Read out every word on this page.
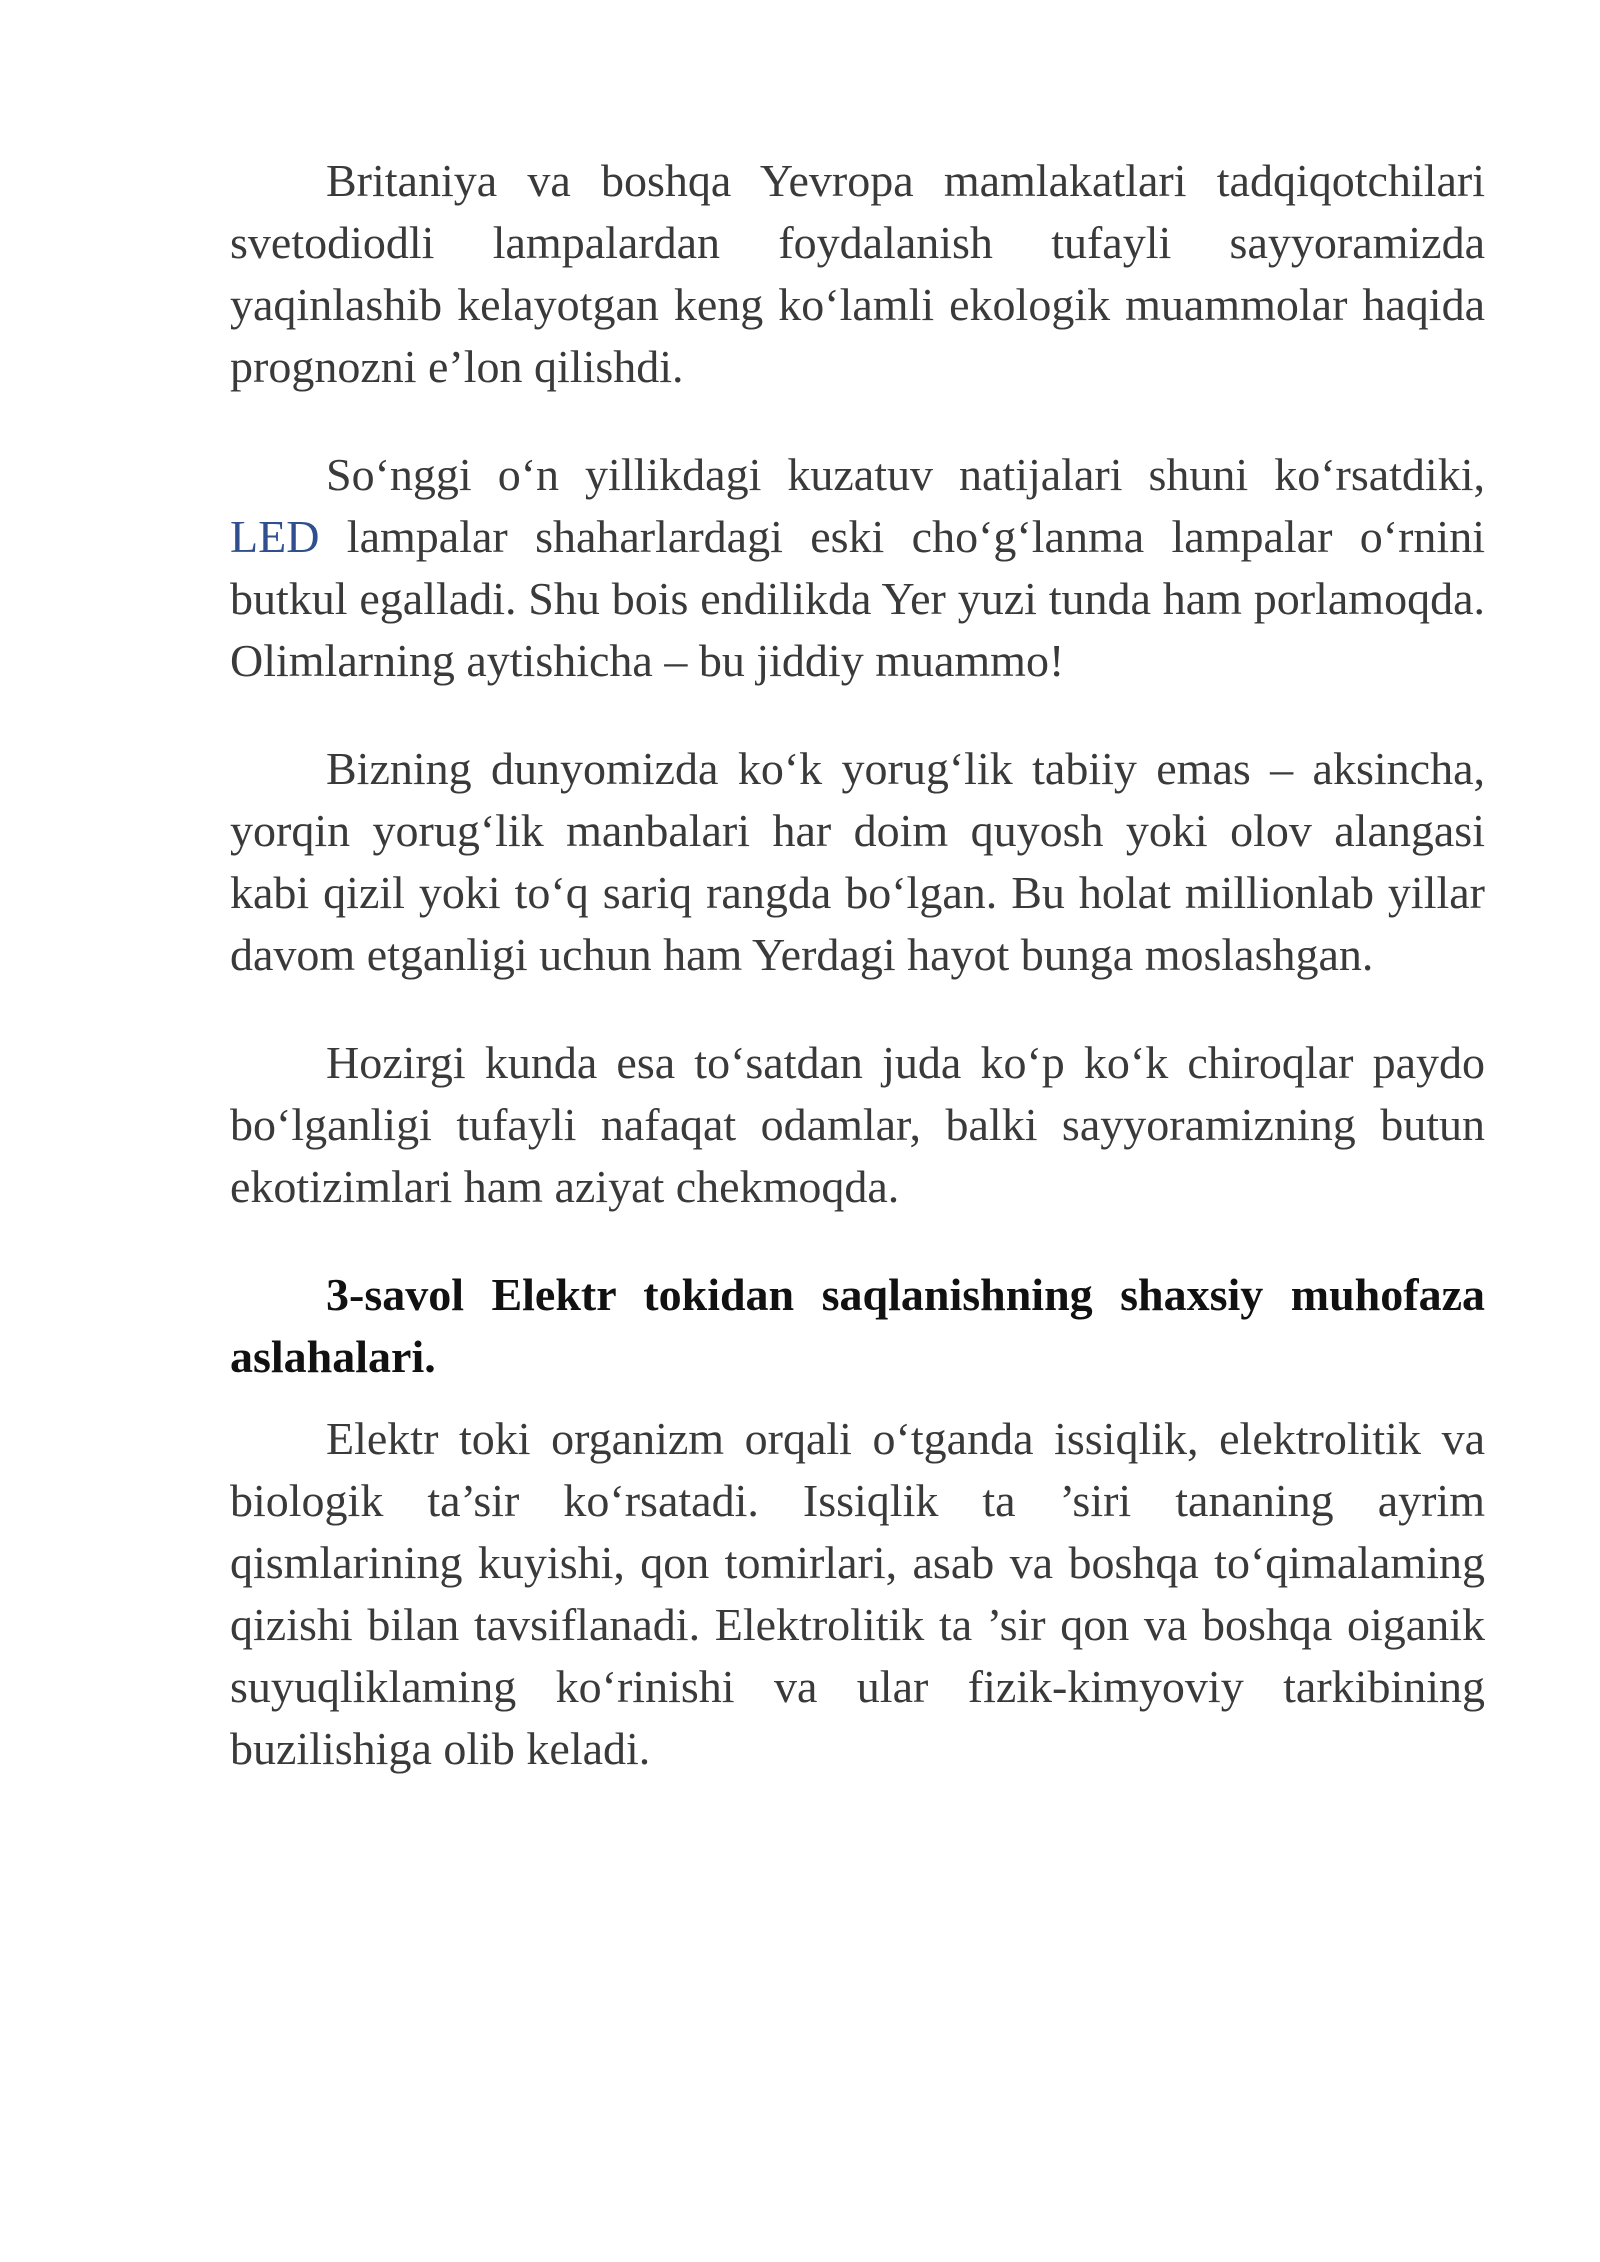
Britaniya va boshqa Yevropa mamlakatlari tadqiqotchilari svetodiodli lampalardan foydalanish tufayli sayyoramizda yaqinlashib kelayotgan keng ko‘lamli ekologik muammolar haqida prognozni e’lon qilishdi.

So‘nggi o‘n yillikdagi kuzatuv natijalari shuni ko‘rsatdiki, LED lampalar shaharlardagi eski cho‘g‘lanma lampalar o‘rnini butkul egalladi. Shu bois endilikda Yer yuzi tunda ham porlamoqda. Olimlarning aytishicha – bu jiddiy muammo!

Bizning dunyomizda ko‘k yorug‘lik tabiiy emas – aksincha, yorqin yorug‘lik manbalari har doim quyosh yoki olov alangasi kabi qizil yoki to‘q sariq rangda bo‘lgan. Bu holat millionlab yillar davom etganligi uchun ham Yerdagi hayot bunga moslashgan.

Hozirgi kunda esa to‘satdan juda ko‘p ko‘k chiroqlar paydo bo‘lganligi tufayli nafaqat odamlar, balki sayyoramizning butun ekotizimlari ham aziyat chekmoqda.

3-savol Elektr tokidan saqlanishning shaxsiy muhofaza aslahalari.

Elektr toki organizm orqali o‘tganda issiqlik, elektrolitik va biologik ta’sir ko‘rsatadi. Issiqlik ta ’siri tananing ayrim qismlarining kuyishi, qon tomirlari, asab va boshqa to‘qimalaming qizishi bilan tavsiflanadi. Elektrolitik ta ’sir qon va boshqa oiganik suyuqliklaming ko‘rinishi va ular fizik-kimyoviy tarkibining buzilishiga olib keladi.
